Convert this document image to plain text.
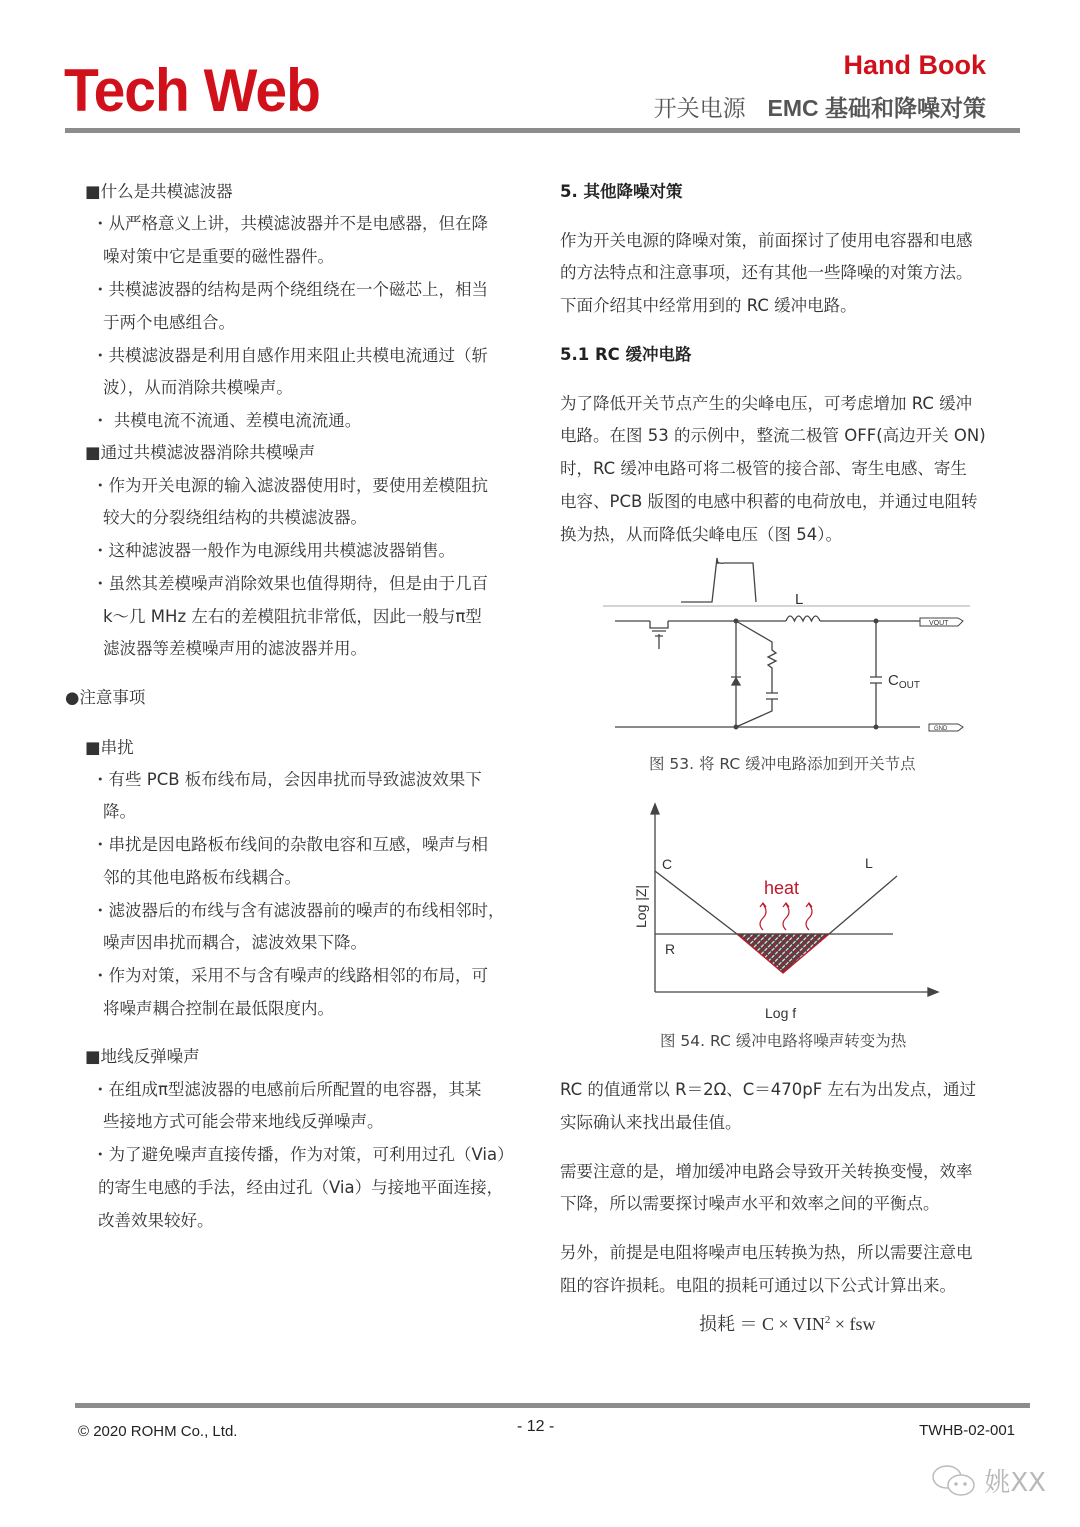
Tech Web	Hand Book
开关电源 EMC 基础和降噪对策
■什么是共模滤波器
・从严格意义上讲，共模滤波器并不是电感器，但在降
噪对策中它是重要的磁性器件。
・共模滤波器的结构是两个绕组绕在一个磁芯上，相当
于两个电感组合。
・共模滤波器是利用自感作用来阻止共模电流通过（斩
波），从而消除共模噪声。
・ 共模电流不流通、差模电流流通。
■通过共模滤波器消除共模噪声
・作为开关电源的输入滤波器使用时，要使用差模阻抗
较大的分裂绕组结构的共模滤波器。
・这种滤波器一般作为电源线用共模滤波器销售。
・虽然其差模噪声消除效果也值得期待，但是由于几百
k～几 MHz 左右的差模阻抗非常低，因此一般与π型
滤波器等差模噪声用的滤波器并用。
●注意事项
■串扰
・有些 PCB 板布线布局，会因串扰而导致滤波效果下
降。
・串扰是因电路板布线间的杂散电容和互感，噪声与相
邻的其他电路板布线耦合。
・滤波器后的布线与含有滤波器前的噪声的布线相邻时，
噪声因串扰而耦合，滤波效果下降。
・作为对策，采用不与含有噪声的线路相邻的布局，可
将噪声耦合控制在最低限度内。
■地线反弹噪声
・在组成π型滤波器的电感前后所配置的电容器，其某
些接地方式可能会带来地线反弹噪声。
・为了避免噪声直接传播，作为对策，可利用过孔（Via）
的寄生电感的手法，经由过孔（Via）与接地平面连接，
改善效果较好。
5. 其他降噪对策
作为开关电源的降噪对策，前面探讨了使用电容器和电感
的方法特点和注意事项，还有其他一些降噪的对策方法。
下面介绍其中经常用到的 RC 缓冲电路。
5.1 RC 缓冲电路
为了降低开关节点产生的尖峰电压，可考虑增加 RC 缓冲
电路。在图 53 的示例中，整流二极管 OFF(高边开关 ON)
时，RC 缓冲电路可将二极管的接合部、寄生电感、寄生
电容、PCB 版图的电感中积蓄的电荷放电，并通过电阻转
换为热，从而降低尖峰电压（图 54）。
L
$C_{OUT}$
VOUT
GND
图 53. 将 RC 缓冲电路添加到开关节点
C	L
R
heat
Log |Z|
Log f
图 54. RC 缓冲电路将噪声转变为热
RC 的值通常以 R＝2Ω、C＝470pF 左右为出发点，通过
实际确认来找出最佳值。
需要注意的是，增加缓冲电路会导致开关转换变慢，效率
下降，所以需要探讨噪声水平和效率之间的平衡点。
另外，前提是电阻将噪声电压转换为热，所以需要注意电
阻的容许损耗。电阻的损耗可通过以下公式计算出来。
损耗 ＝ $C \times VIN^2$ × fsw
© 2020 ROHM Co., Ltd.	- 12 -	TWHB-02-001
姚XX
